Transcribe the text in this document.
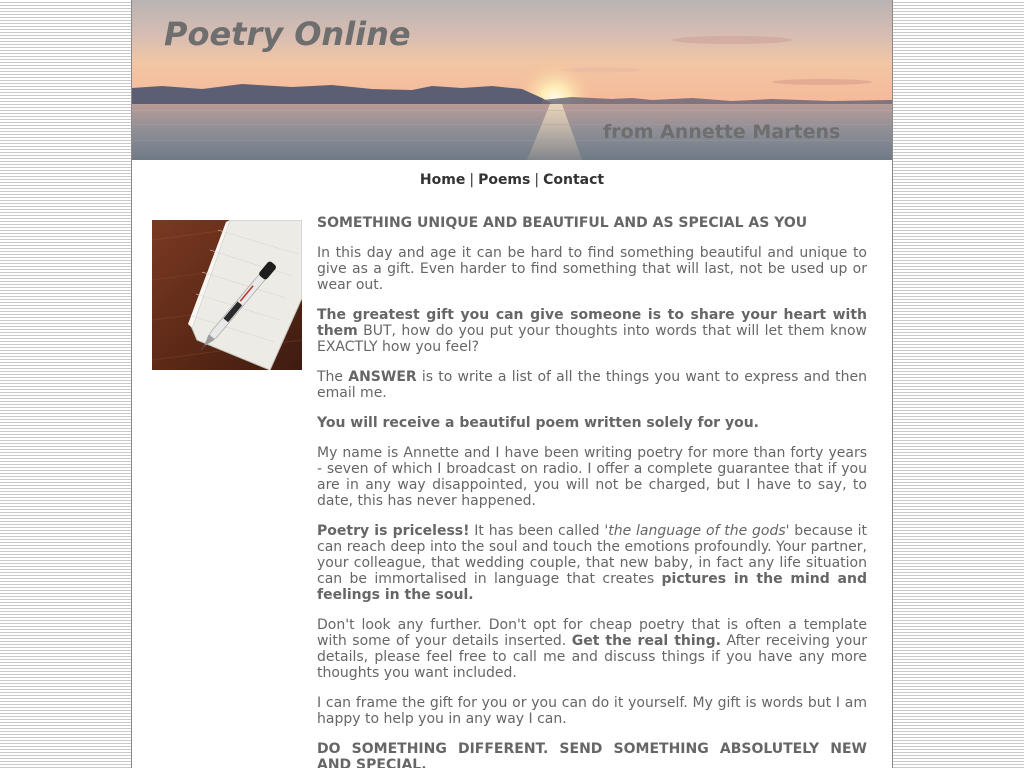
Poetry Online
from Annette Martens
Home | Poems | Contact

SOMETHING UNIQUE AND BEAUTIFUL AND AS SPECIAL AS YOU

In this day and age it can be hard to find something beautiful and unique to give as a gift. Even harder to find something that will last, not be used up or wear out.

The greatest gift you can give someone is to share your heart with them BUT, how do you put your thoughts into words that will let them know EXACTLY how you feel?

The ANSWER is to write a list of all the things you want to express and then email me.

You will receive a beautiful poem written solely for you.

My name is Annette and I have been writing poetry for more than forty years - seven of which I broadcast on radio. I offer a complete guarantee that if you are in any way disappointed, you will not be charged, but I have to say, to date, this has never happened.

Poetry is priceless! It has been called 'the language of the gods' because it can reach deep into the soul and touch the emotions profoundly. Your partner, your colleague, that wedding couple, that new baby, in fact any life situation can be immortalised in language that creates pictures in the mind and feelings in the soul.

Don't look any further. Don't opt for cheap poetry that is often a template with some of your details inserted. Get the real thing. After receiving your details, please feel free to call me and discuss things if you have any more thoughts you want included.

I can frame the gift for you or you can do it yourself. My gift is words but I am happy to help you in any way I can.

DO SOMETHING DIFFERENT. SEND SOMETHING ABSOLUTELY NEW AND SPECIAL.
